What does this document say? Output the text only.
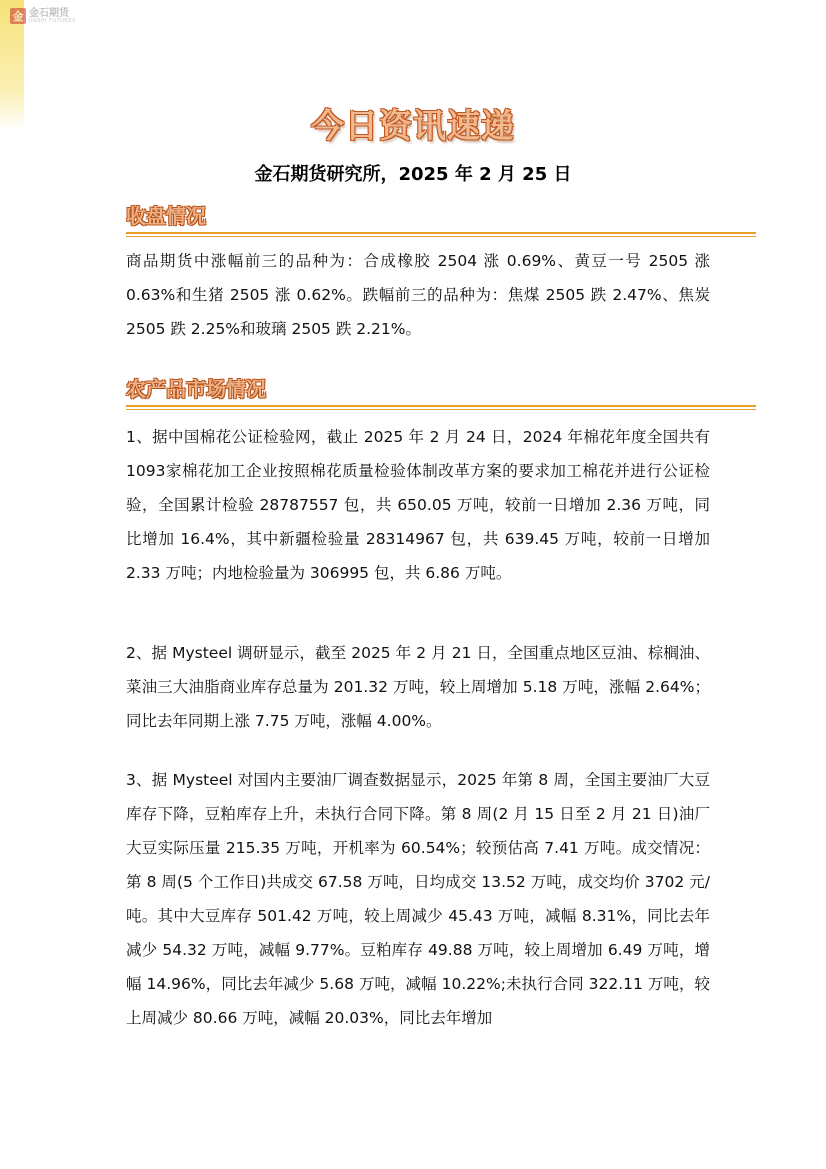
金 金石期货
JINSHI FUTURES
今日资讯速递
金石期货研究所，2025 年 2 月 25 日
收盘情况

商品期货中涨幅前三的品种为：合成橡胶 2504 涨 0.69%、黄豆一号 2505 涨 0.63%和生猪 2505 涨 0.62%。跌幅前三的品种为：焦煤 2505 跌 2.47%、焦炭 2505 跌 2.25%和玻璃 2505 跌 2.21%。

农产品市场情况

1、据中国棉花公证检验网，截止 2025 年 2 月 24 日，2024 年棉花年度全国共有1093家棉花加工企业按照棉花质量检验体制改革方案的要求加工棉花并进行公证检验，全国累计检验 28787557 包，共 650.05 万吨，较前一日增加 2.36 万吨，同比增加 16.4%，其中新疆检验量 28314967 包，共 639.45 万吨，较前一日增加 2.33 万吨；内地检验量为 306995 包，共 6.86 万吨。

2、据 Mysteel 调研显示，截至 2025 年 2 月 21 日，全国重点地区豆油、棕榈油、菜油三大油脂商业库存总量为 201.32 万吨，较上周增加 5.18 万吨，涨幅 2.64%；同比去年同期上涨 7.75 万吨，涨幅 4.00%。

3、据 Mysteel 对国内主要油厂调查数据显示，2025 年第 8 周，全国主要油厂大豆库存下降，豆粕库存上升，未执行合同下降。第 8 周(2 月 15 日至 2 月 21 日)油厂大豆实际压量 215.35 万吨，开机率为 60.54%；较预估高 7.41 万吨。成交情况：第 8 周(5 个工作日)共成交 67.58 万吨，日均成交 13.52 万吨，成交均价 3702 元/吨。其中大豆库存 501.42 万吨，较上周减少 45.43 万吨，减幅 8.31%，同比去年减少 54.32 万吨，减幅 9.77%。豆粕库存 49.88 万吨，较上周增加 6.49 万吨，增幅 14.96%，同比去年减少 5.68 万吨，减幅 10.22%;未执行合同 322.11 万吨，较上周减少 80.66 万吨，减幅 20.03%，同比去年增加
